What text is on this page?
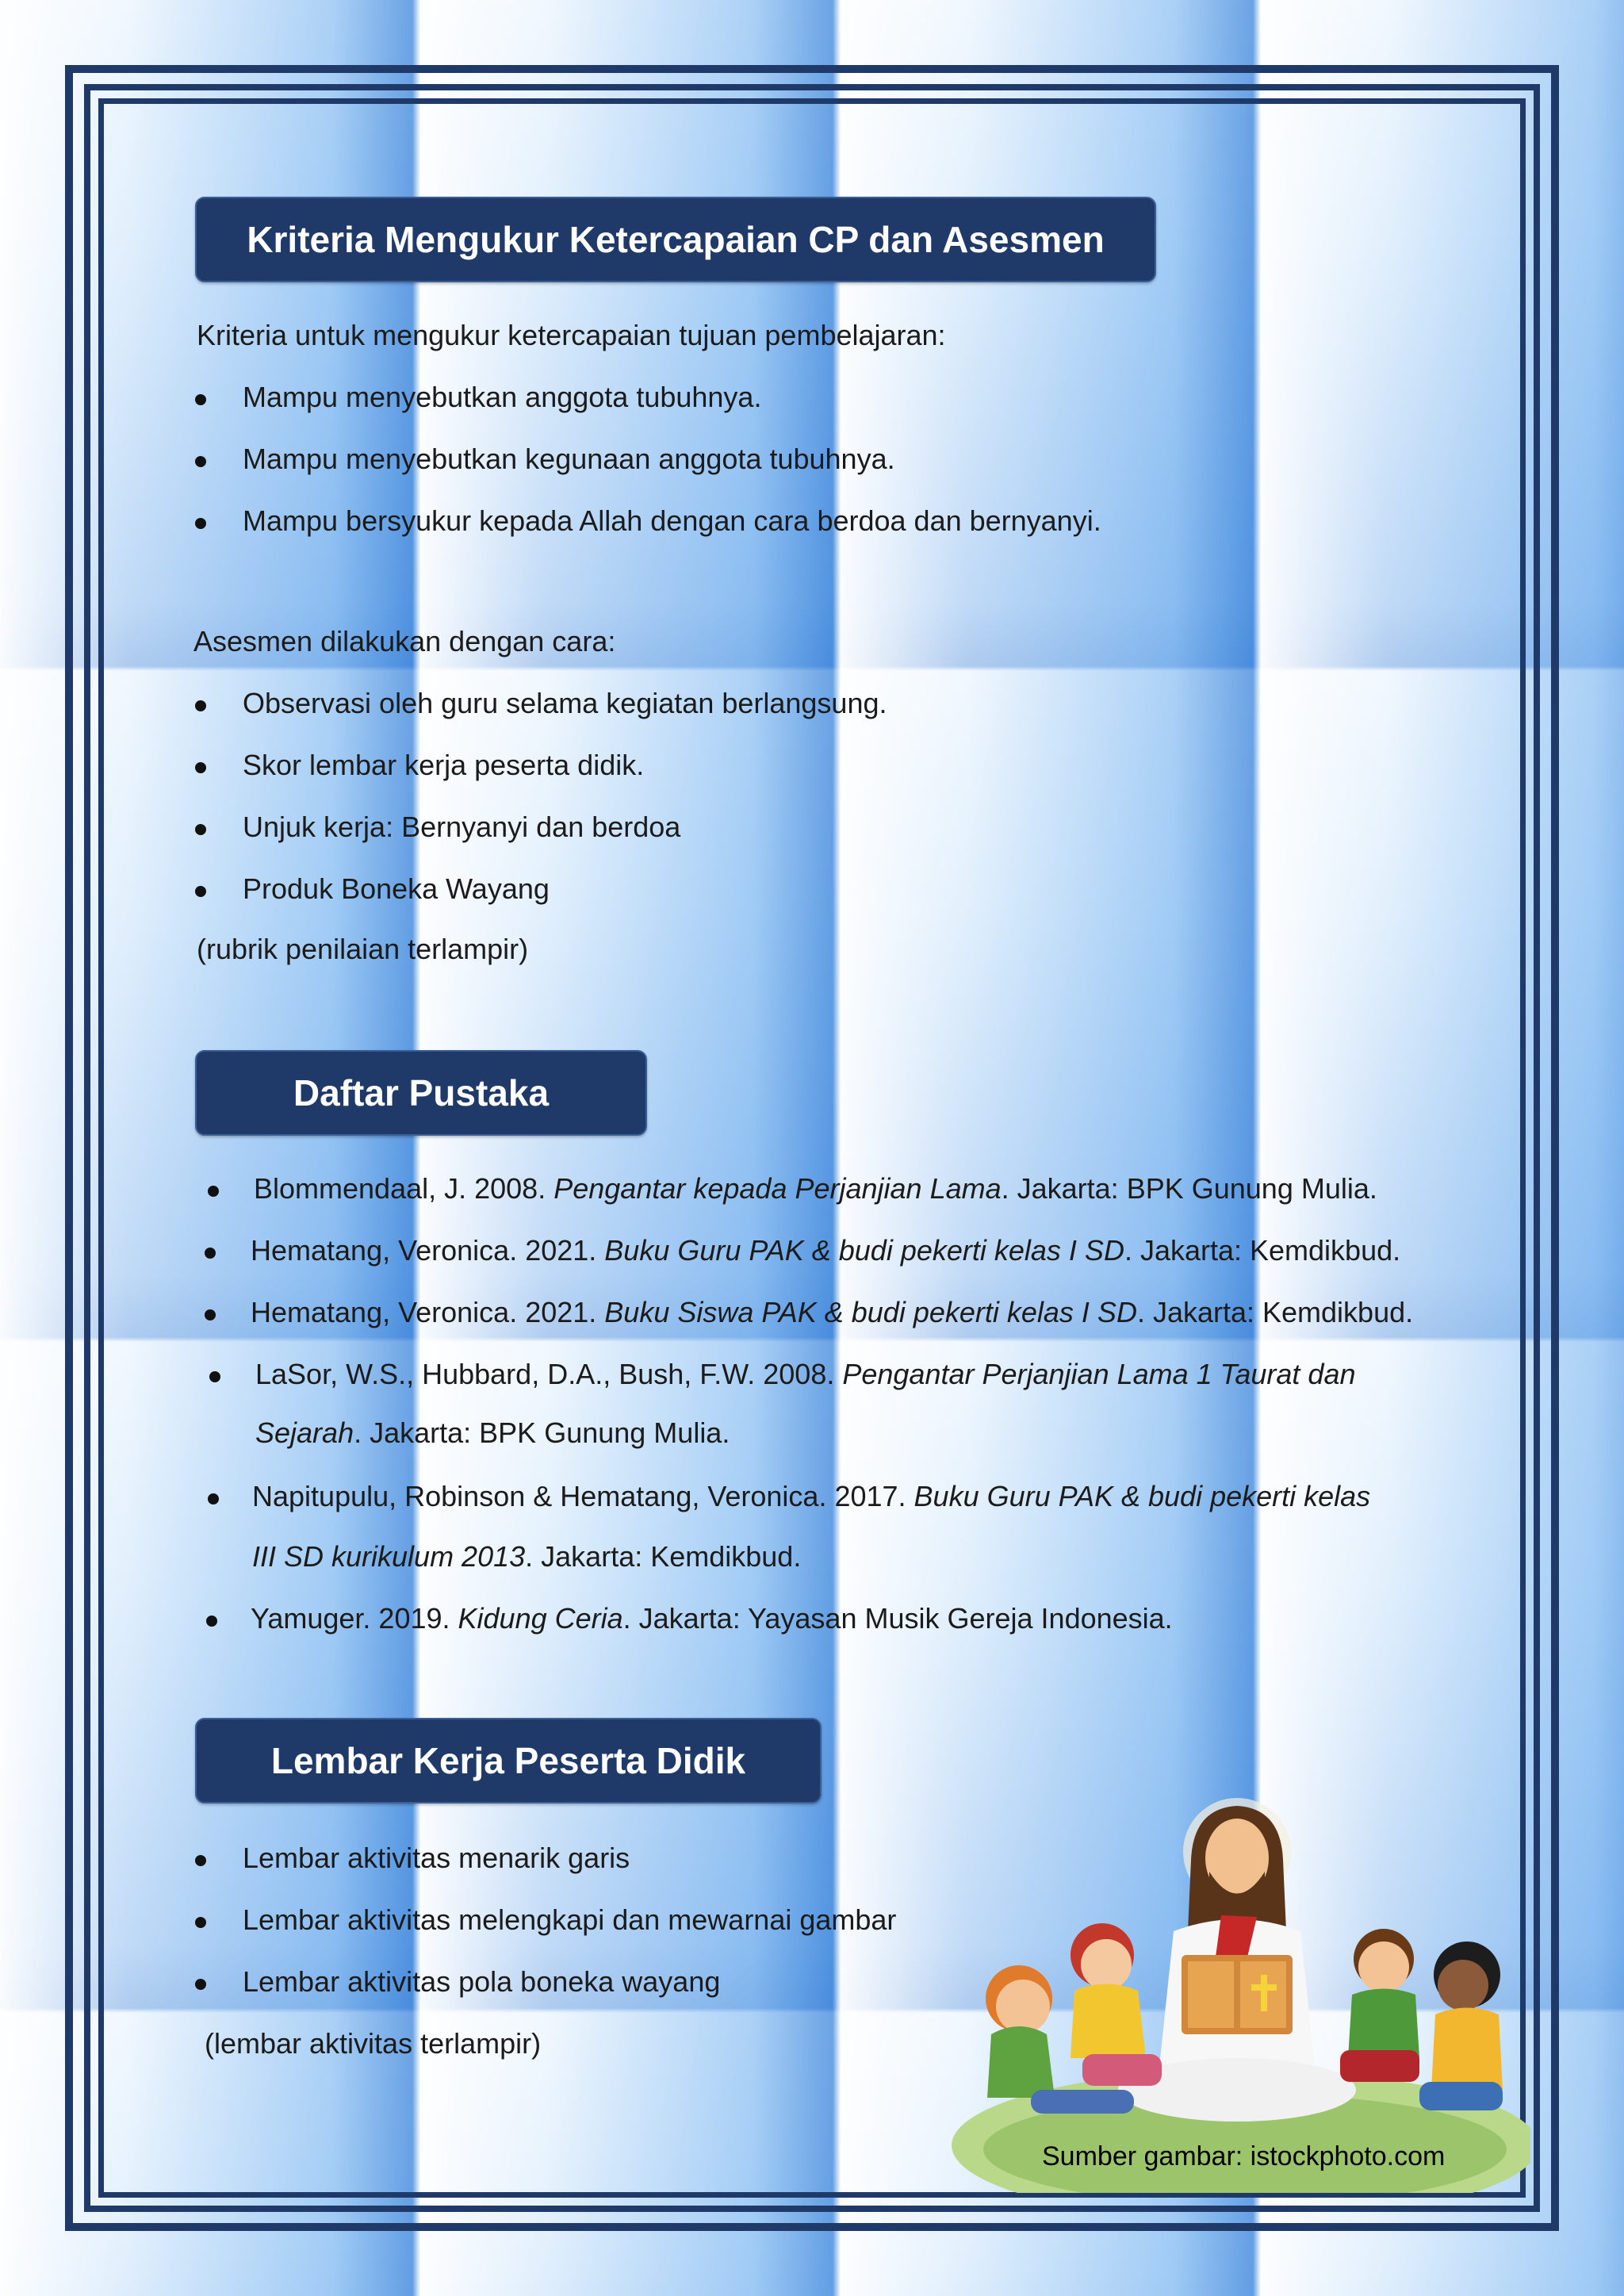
Kriteria Mengukur Ketercapaian CP dan Asesmen
Kriteria untuk mengukur ketercapaian tujuan pembelajaran:
Mampu menyebutkan anggota tubuhnya.
Mampu menyebutkan kegunaan anggota tubuhnya.
Mampu bersyukur kepada Allah dengan cara berdoa dan bernyanyi.
Asesmen dilakukan dengan cara:
Observasi oleh guru selama kegiatan berlangsung.
Skor lembar kerja peserta didik.
Unjuk kerja: Bernyanyi dan berdoa
Produk Boneka Wayang
(rubrik penilaian terlampir)
Daftar Pustaka
Blommendaal, J. 2008. Pengantar kepada Perjanjian Lama. Jakarta: BPK Gunung Mulia.
Hematang, Veronica. 2021. Buku Guru PAK & budi pekerti kelas I SD. Jakarta: Kemdikbud.
Hematang, Veronica. 2021. Buku Siswa PAK & budi pekerti kelas I SD. Jakarta: Kemdikbud.
LaSor, W.S., Hubbard, D.A., Bush, F.W. 2008. Pengantar Perjanjian Lama 1 Taurat dan
Sejarah. Jakarta: BPK Gunung Mulia.
Napitupulu, Robinson & Hematang, Veronica. 2017. Buku Guru PAK & budi pekerti kelas
III SD kurikulum 2013. Jakarta: Kemdikbud.
Yamuger. 2019. Kidung Ceria. Jakarta: Yayasan Musik Gereja Indonesia.
Lembar Kerja Peserta Didik
Lembar aktivitas menarik garis
Lembar aktivitas melengkapi dan mewarnai gambar
Lembar aktivitas pola boneka wayang
(lembar aktivitas terlampir)
Sumber gambar: istockphoto.com
